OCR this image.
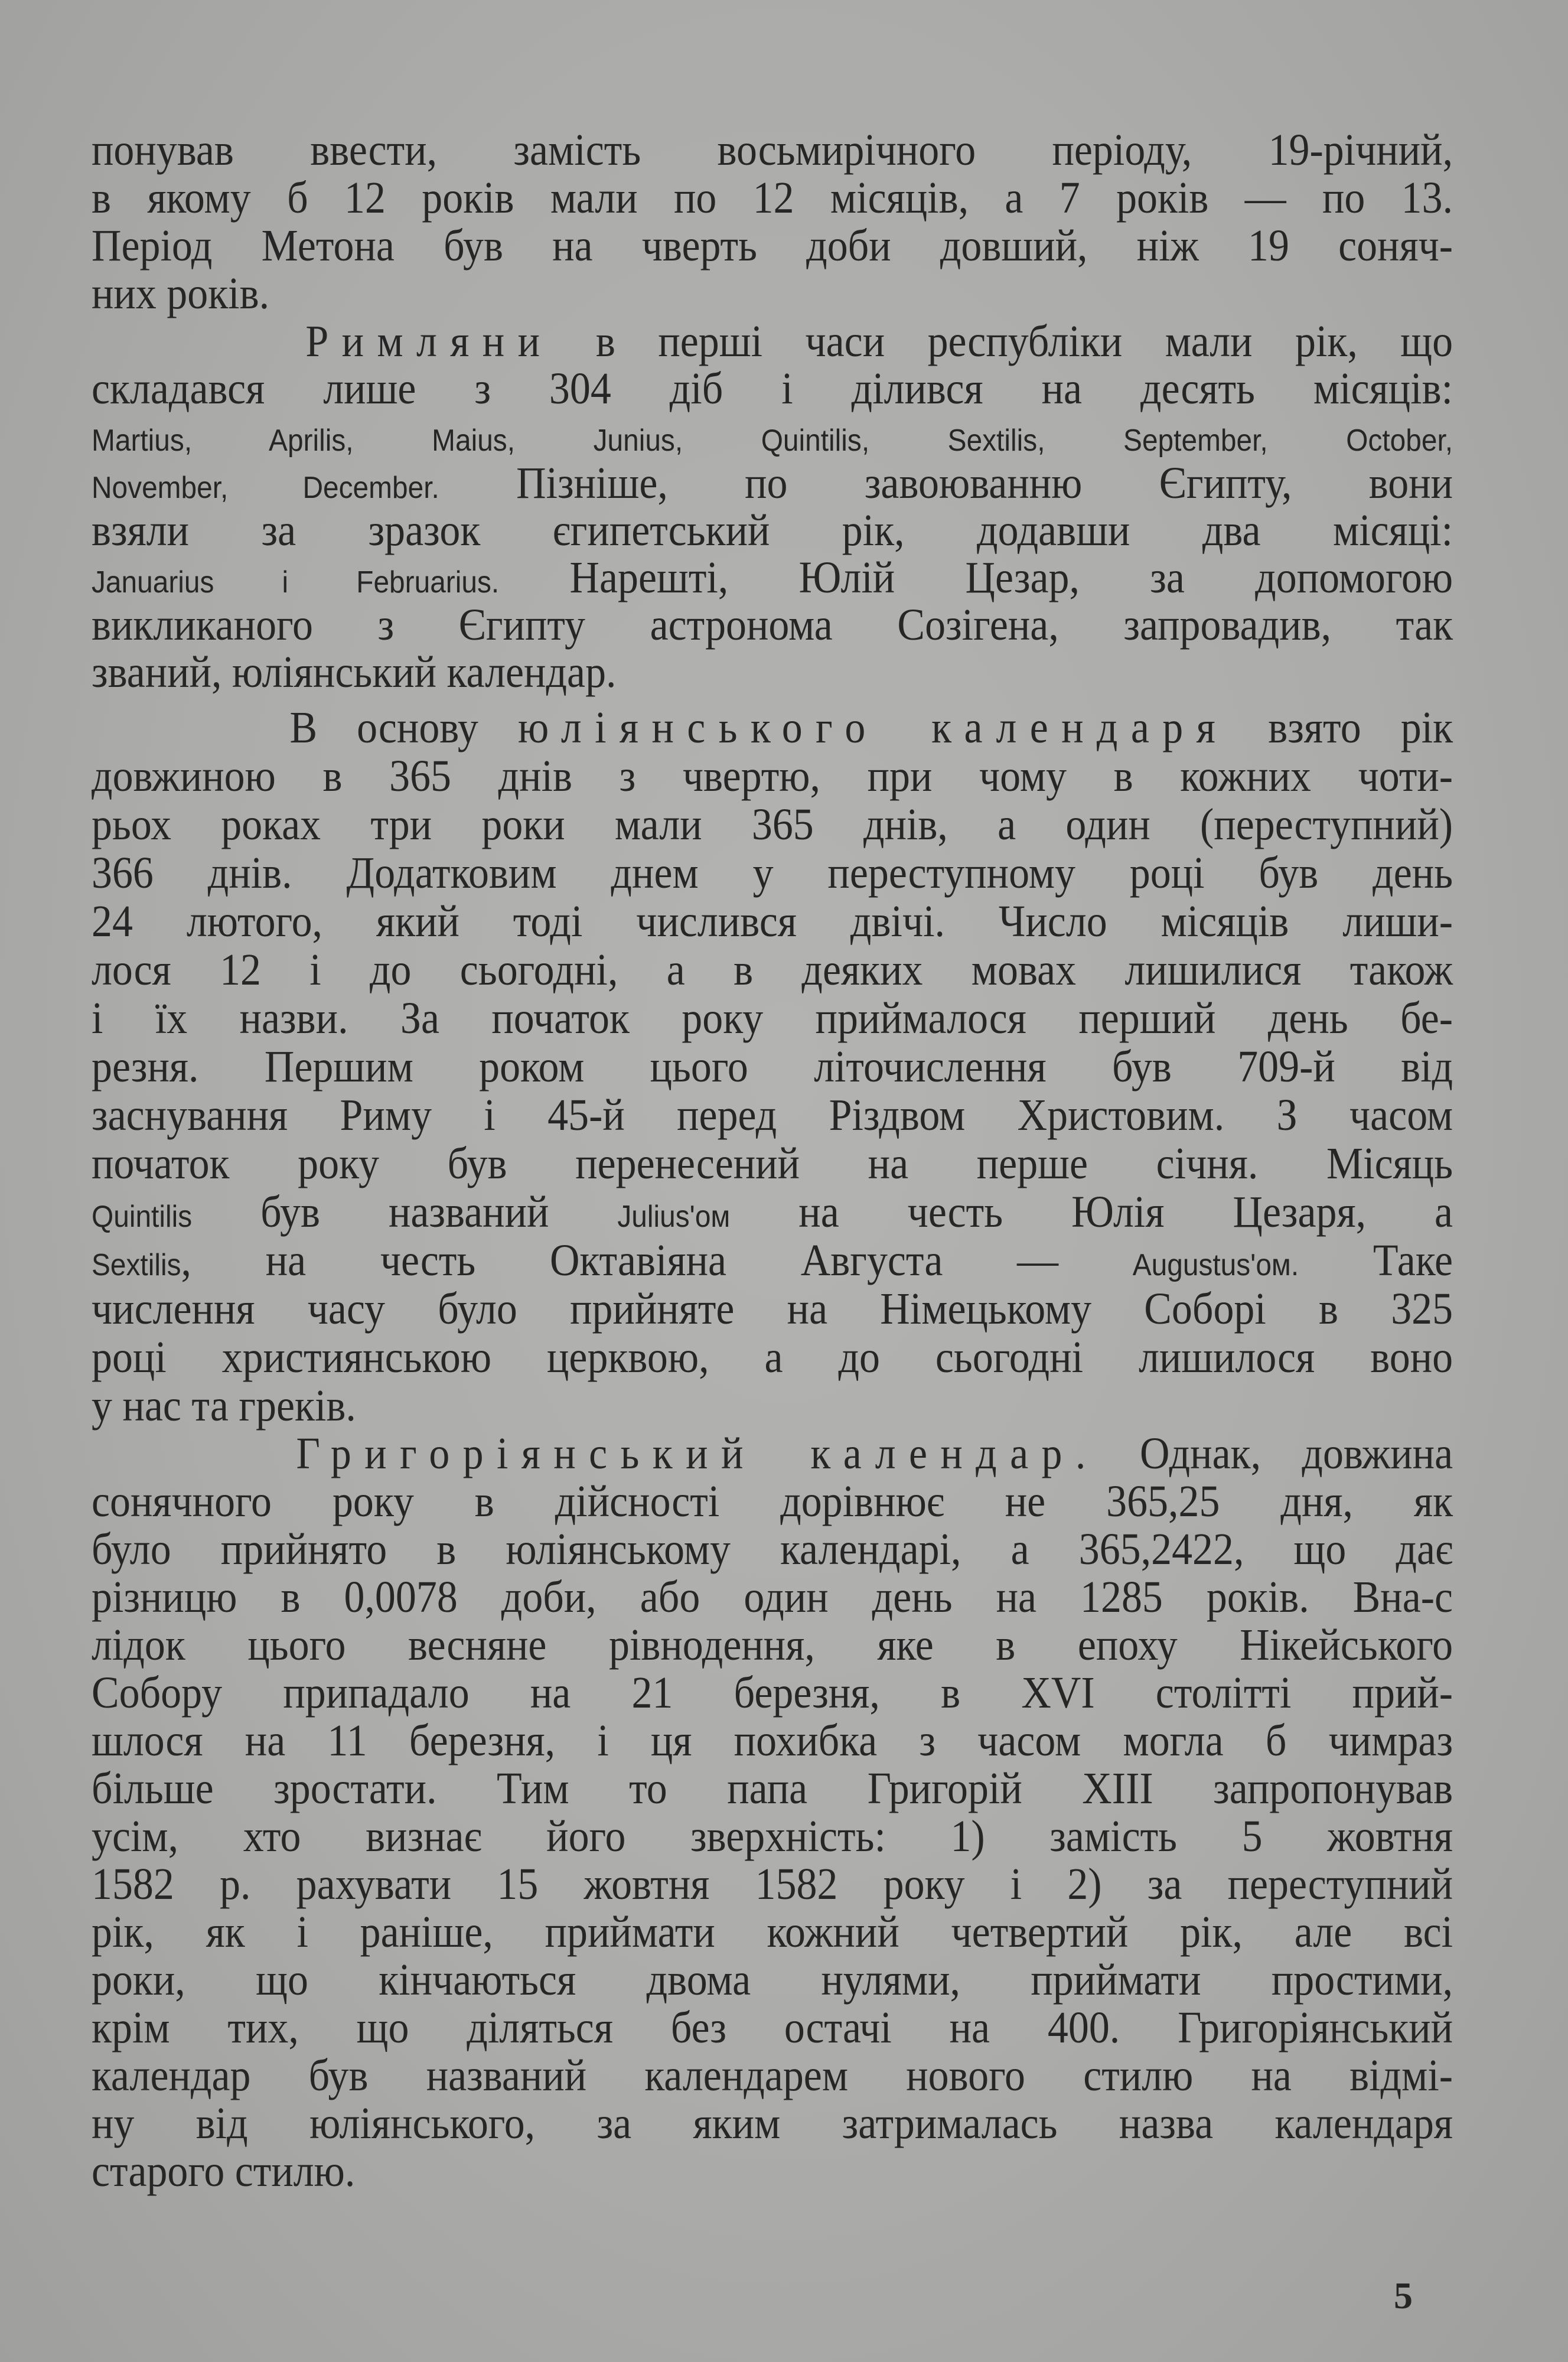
понував ввести, замість восьмирічного періоду, 19-річний,
в якому б 12 років мали по 12 місяців, а 7 років — по 13.
Період Метона був на чверть доби довший, ніж 19 соняч-
них років.
Римляни в перші часи республіки мали рік, що
складався лише з 304 діб і ділився на десять місяців:
Martius, Aprilis, Maius, Junius, Quintilis, Sextilis, September, October,
November, December. Пізніше, по завоюванню Єгипту, вони
взяли за зразок єгипетський рік, додавши два місяці:
Januarius i Februarius. Нарешті, Юлій Цезар, за допомогою
викликаного з Єгипту астронома Созігена, запровадив, так
званий, юліянський календар.
В основу юліянського календаря взято рік
довжиною в 365 днів з чвертю, при чому в кожних чоти-
рьох роках три роки мали 365 днів, а один (переступний)
366 днів. Додатковим днем у переступному році був день
24 лютого, який тоді числився двічі. Число місяців лиши-
лося 12 і до сьогодні, а в деяких мовах лишилися також
і їх назви. За початок року приймалося перший день бе-
резня. Першим роком цього літочислення був 709-й від
заснування Риму і 45-й перед Різдвом Христовим. З часом
початок року був перенесений на перше січня. Місяць
Quintilis був названий Julius'ом на честь Юлія Цезаря, а
Sextilis, на честь Октавіяна Августа — Augustus'ом. Таке
числення часу було прийняте на Німецькому Соборі в 325
році християнською церквою, а до сьогодні лишилося воно
у нас та греків.
Григоріянський календар. Однак, довжина
сонячного року в дійсності дорівнює не 365,25 дня, як
було прийнято в юліянському календарі, а 365,2422, що дає
різницю в 0,0078 доби, або один день на 1285 років. Вна-с
лідок цього весняне рівнодення, яке в епоху Нікейського
Собору припадало на 21 березня, в XVI столітті прий-
шлося на 11 березня, і ця похибка з часом могла б чимраз
більше зростати. Тим то папа Григорій XIII запропонував
усім, хто визнає його зверхність: 1) замість 5 жовтня
1582 р. рахувати 15 жовтня 1582 року і 2) за переступний
рік, як і раніше, приймати кожний четвертий рік, але всі
роки, що кінчаються двома нулями, приймати простими,
крім тих, що діляться без остачі на 400. Григоріянський
календар був названий календарем нового стилю на відмі-
ну від юліянського, за яким затрималась назва календаря
старого стилю.
5
